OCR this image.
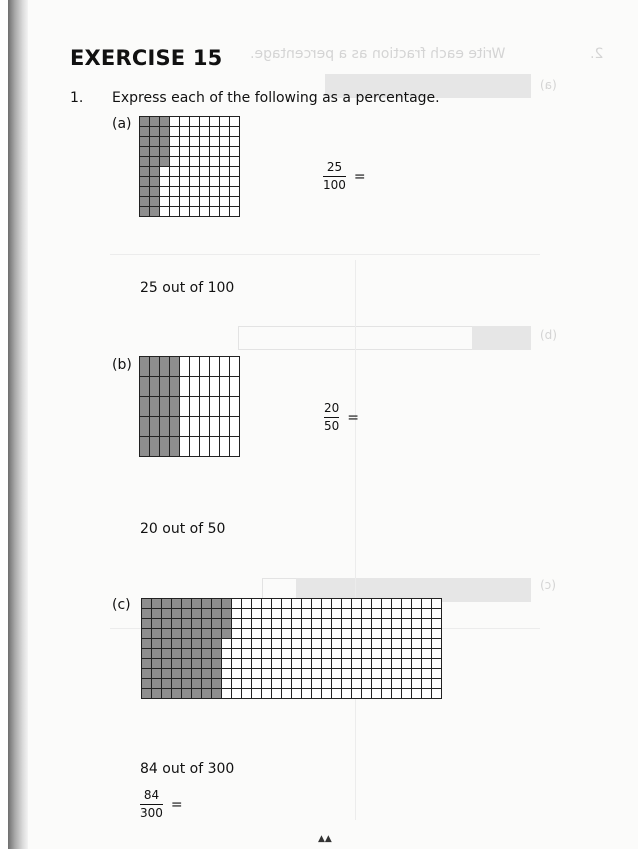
Write each fraction as a percentage.	2.
(a)
(b)
(c)
EXERCISE 15
1. Express each of the following as a percentage.
(a)
$\frac{25}{100}$ =
25 out of 100
(b)
$\frac{20}{50}$ =
20 out of 50
(c)
84 out of 300
$\frac{84}{300}$ =
▲▲
